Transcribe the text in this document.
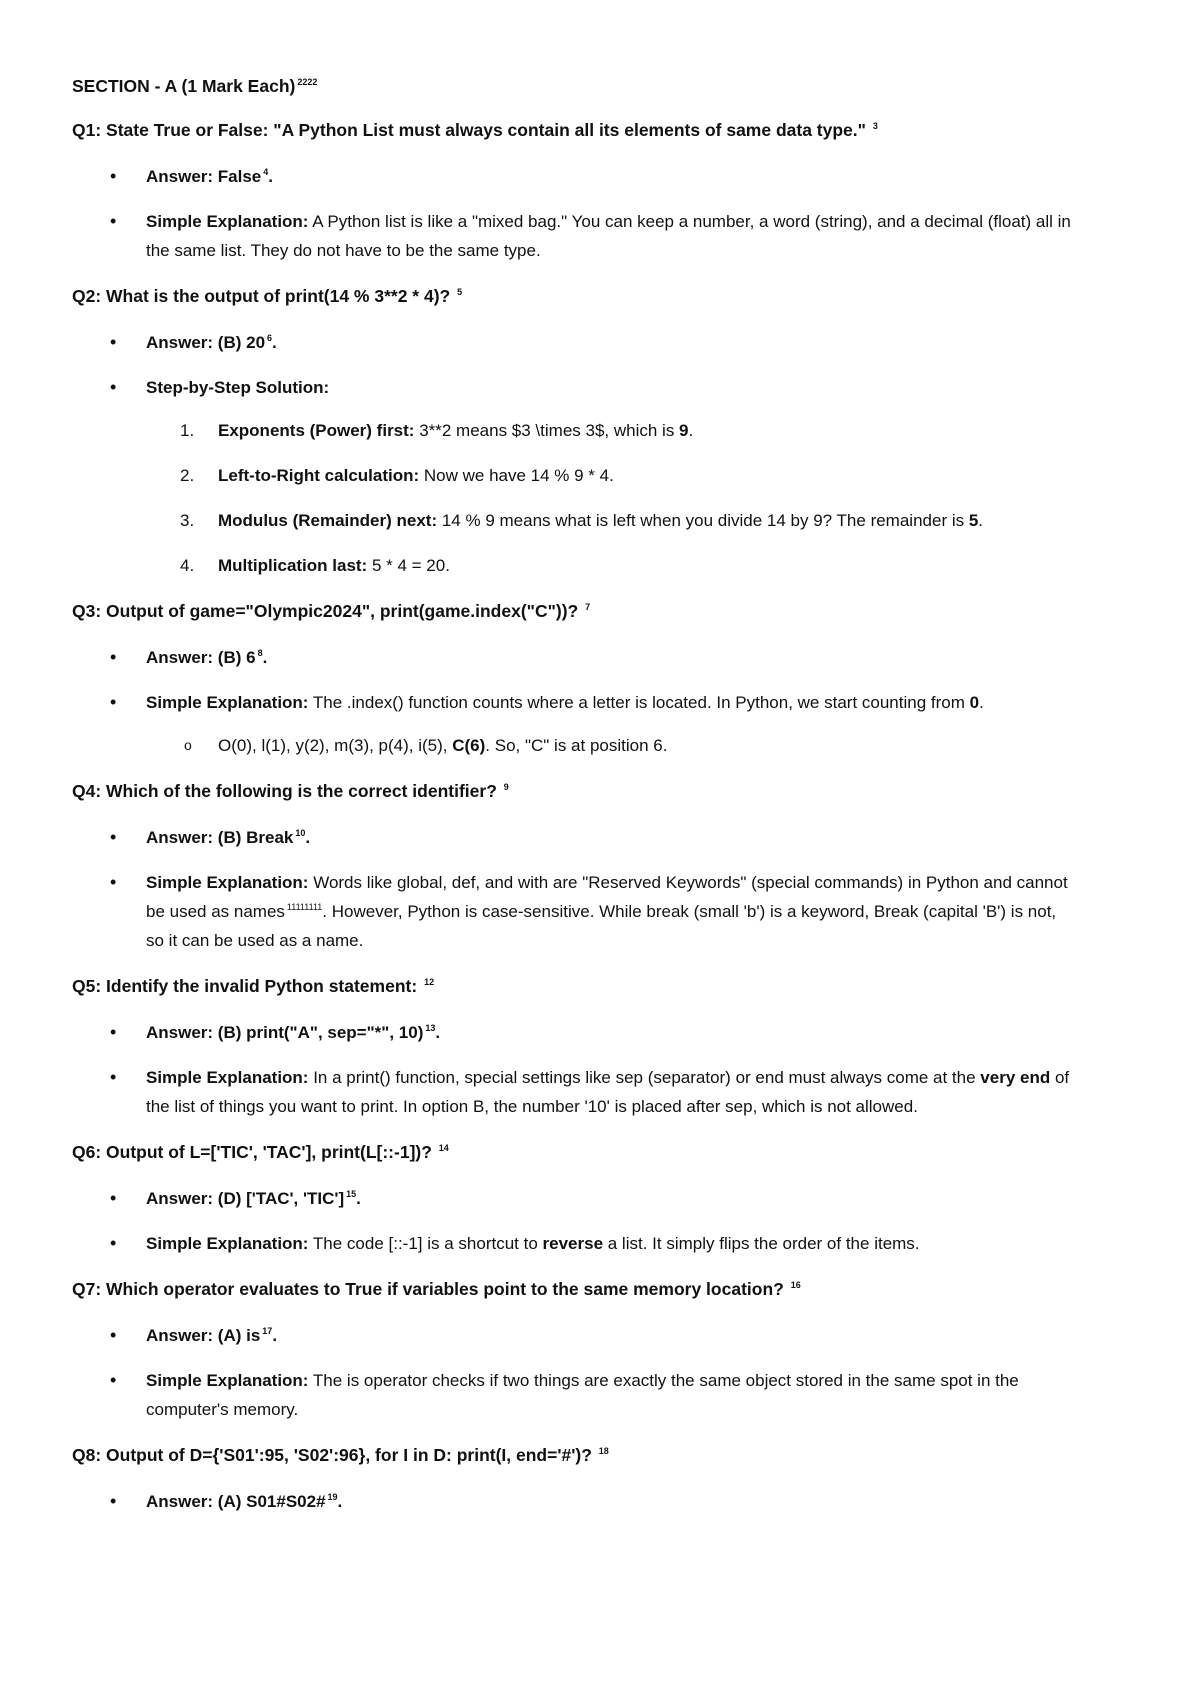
SECTION - A (1 Mark Each) $^{2222}$

Q1: State True or False: "A Python List must always contain all its elements of same data type." $^3$

• Answer: False $^4$.
• Simple Explanation: A Python list is like a "mixed bag." You can keep a number, a word (string), and a decimal (float) all in the same list. They do not have to be the same type.

Q2: What is the output of print(14 % 3**2 * 4)? $^5$

• Answer: (B) 20 $^6$.
• Step-by-Step Solution:
1. Exponents (Power) first: 3**2 means $3 \times 3$, which is 9.
2. Left-to-Right calculation: Now we have 14 % 9 * 4.
3. Modulus (Remainder) next: 14 % 9 means what is left when you divide 14 by 9? The remainder is 5.
4. Multiplication last: 5 * 4 = 20.

Q3: Output of game="Olympic2024", print(game.index("C"))? $^7$

• Answer: (B) 6 $^8$.
• Simple Explanation: The .index() function counts where a letter is located. In Python, we start counting from 0.
o O(0), l(1), y(2), m(3), p(4), i(5), C(6). So, "C" is at position 6.

Q4: Which of the following is the correct identifier? $^9$

• Answer: (B) Break $^{10}$.
• Simple Explanation: Words like global, def, and with are "Reserved Keywords" (special commands) in Python and cannot be used as names $^{11111111}$. However, Python is case-sensitive. While break (small 'b') is a keyword, Break (capital 'B') is not, so it can be used as a name.

Q5: Identify the invalid Python statement: $^{12}$

• Answer: (B) print("A", sep="*", 10) $^{13}$.
• Simple Explanation: In a print() function, special settings like sep (separator) or end must always come at the very end of the list of things you want to print. In option B, the number '10' is placed after sep, which is not allowed.

Q6: Output of L=['TIC', 'TAC'], print(L[::-1])? $^{14}$

• Answer: (D) ['TAC', 'TIC'] $^{15}$.
• Simple Explanation: The code [::-1] is a shortcut to reverse a list. It simply flips the order of the items.

Q7: Which operator evaluates to True if variables point to the same memory location? $^{16}$

• Answer: (A) is $^{17}$.
• Simple Explanation: The is operator checks if two things are exactly the same object stored in the same spot in the computer's memory.

Q8: Output of D={'S01':95, 'S02':96}, for I in D: print(I, end='#')? $^{18}$

• Answer: (A) S01#S02# $^{19}$.
